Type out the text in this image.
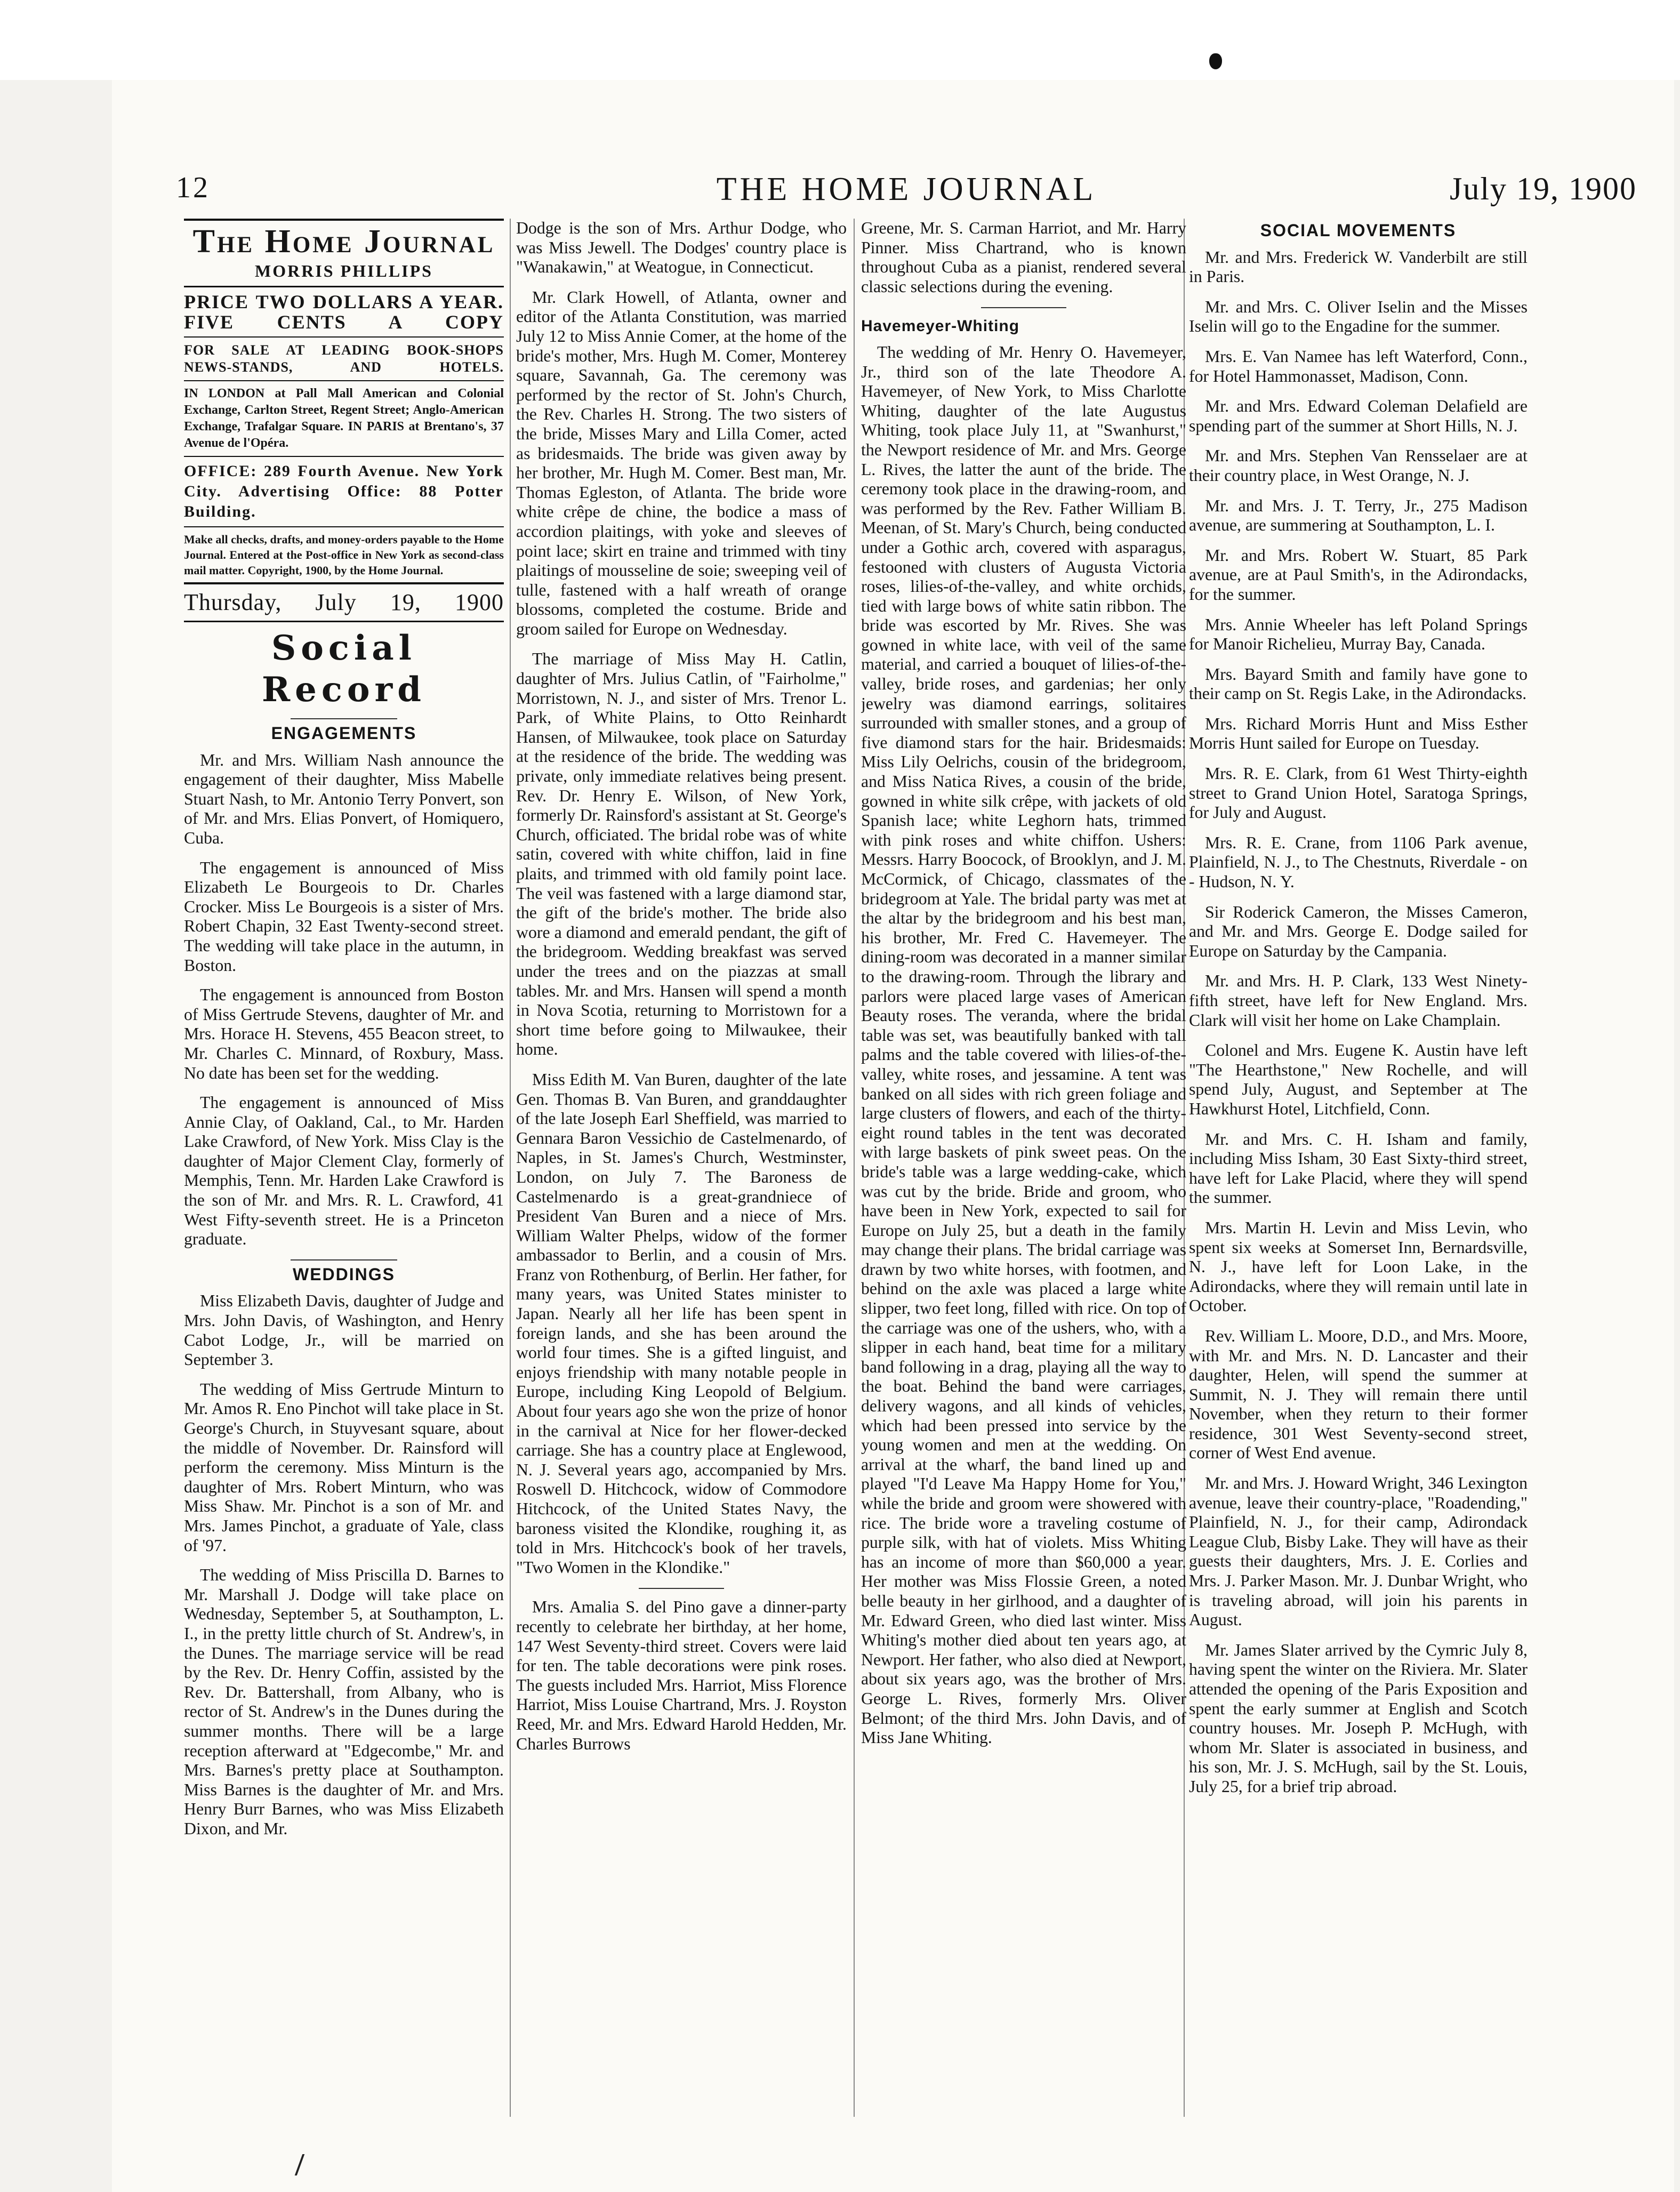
12	THE HOME JOURNAL	July 19, 1900
The Home Journal
MORRIS PHILLIPS
PRICE TWO DOLLARS A YEAR. FIVE CENTS A COPY
FOR SALE AT LEADING BOOK-SHOPS NEWS-STANDS, AND HOTELS.
IN LONDON at Pall Mall American and Colonial Exchange, Carlton Street, Regent Street; Anglo-American Exchange, Trafalgar Square. IN PARIS at Brentano's, 37 Avenue de l'Opéra.
OFFICE: 289 Fourth Avenue. New York City. Advertising Office: 88 Potter Building.
Make all checks, drafts, and money-orders payable to the Home Journal. Entered at the Post-office in New York as second-class mail matter. Copyright, 1900, by the Home Journal.
Thursday, July 19, 1900
Social Record
ENGAGEMENTS

Mr. and Mrs. William Nash announce the engagement of their daughter, Miss Mabelle Stuart Nash, to Mr. Antonio Terry Ponvert, son of Mr. and Mrs. Elias Ponvert, of Homiquero, Cuba.

The engagement is announced of Miss Elizabeth Le Bourgeois to Dr. Charles Crocker. Miss Le Bourgeois is a sister of Mrs. Robert Chapin, 32 East Twenty-second street. The wedding will take place in the autumn, in Boston.

The engagement is announced from Boston of Miss Gertrude Stevens, daughter of Mr. and Mrs. Horace H. Stevens, 455 Beacon street, to Mr. Charles C. Minnard, of Roxbury, Mass. No date has been set for the wedding.

The engagement is announced of Miss Annie Clay, of Oakland, Cal., to Mr. Harden Lake Crawford, of New York. Miss Clay is the daughter of Major Clement Clay, formerly of Memphis, Tenn. Mr. Harden Lake Crawford is the son of Mr. and Mrs. R. L. Crawford, 41 West Fifty-seventh street. He is a Princeton graduate.

WEDDINGS

Miss Elizabeth Davis, daughter of Judge and Mrs. John Davis, of Washington, and Henry Cabot Lodge, Jr., will be married on September 3.

The wedding of Miss Gertrude Minturn to Mr. Amos R. Eno Pinchot will take place in St. George's Church, in Stuyvesant square, about the middle of November. Dr. Rainsford will perform the ceremony. Miss Minturn is the daughter of Mrs. Robert Minturn, who was Miss Shaw. Mr. Pinchot is a son of Mr. and Mrs. James Pinchot, a graduate of Yale, class of '97.

The wedding of Miss Priscilla D. Barnes to Mr. Marshall J. Dodge will take place on Wednesday, September 5, at Southampton, L. I., in the pretty little church of St. Andrew's, in the Dunes. The marriage service will be read by the Rev. Dr. Henry Coffin, assisted by the Rev. Dr. Battershall, from Albany, who is rector of St. Andrew's in the Dunes during the summer months. There will be a large reception afterward at "Edgecombe," Mr. and Mrs. Barnes's pretty place at Southampton. Miss Barnes is the daughter of Mr. and Mrs. Henry Burr Barnes, who was Miss Elizabeth Dixon, and Mr.

Dodge is the son of Mrs. Arthur Dodge, who was Miss Jewell. The Dodges' country place is "Wanakawin," at Weatogue, in Connecticut.

Mr. Clark Howell, of Atlanta, owner and editor of the Atlanta Constitution, was married July 12 to Miss Annie Comer, at the home of the bride's mother, Mrs. Hugh M. Comer, Monterey square, Savannah, Ga. The ceremony was performed by the rector of St. John's Church, the Rev. Charles H. Strong. The two sisters of the bride, Misses Mary and Lilla Comer, acted as bridesmaids. The bride was given away by her brother, Mr. Hugh M. Comer. Best man, Mr. Thomas Egleston, of Atlanta. The bride wore white crêpe de chine, the bodice a mass of accordion plaitings, with yoke and sleeves of point lace; skirt en traine and trimmed with tiny plaitings of mousseline de soie; sweeping veil of tulle, fastened with a half wreath of orange blossoms, completed the costume. Bride and groom sailed for Europe on Wednesday.

The marriage of Miss May H. Catlin, daughter of Mrs. Julius Catlin, of "Fairholme," Morristown, N. J., and sister of Mrs. Trenor L. Park, of White Plains, to Otto Reinhardt Hansen, of Milwaukee, took place on Saturday at the residence of the bride. The wedding was private, only immediate relatives being present. Rev. Dr. Henry E. Wilson, of New York, formerly Dr. Rainsford's assistant at St. George's Church, officiated. The bridal robe was of white satin, covered with white chiffon, laid in fine plaits, and trimmed with old family point lace. The veil was fastened with a large diamond star, the gift of the bride's mother. The bride also wore a diamond and emerald pendant, the gift of the bridegroom. Wedding breakfast was served under the trees and on the piazzas at small tables. Mr. and Mrs. Hansen will spend a month in Nova Scotia, returning to Morristown for a short time before going to Milwaukee, their home.

Miss Edith M. Van Buren, daughter of the late Gen. Thomas B. Van Buren, and granddaughter of the late Joseph Earl Sheffield, was married to Gennara Baron Vessichio de Castelmenardo, of Naples, in St. James's Church, Westminster, London, on July 7. The Baroness de Castelmenardo is a great-grandniece of President Van Buren and a niece of Mrs. William Walter Phelps, widow of the former ambassador to Berlin, and a cousin of Mrs. Franz von Rothenburg, of Berlin. Her father, for many years, was United States minister to Japan. Nearly all her life has been spent in foreign lands, and she has been around the world four times. She is a gifted linguist, and enjoys friendship with many notable people in Europe, including King Leopold of Belgium. About four years ago she won the prize of honor in the carnival at Nice for her flower-decked carriage. She has a country place at Englewood, N. J. Several years ago, accompanied by Mrs. Roswell D. Hitchcock, widow of Commodore Hitchcock, of the United States Navy, the baroness visited the Klondike, roughing it, as told in Mrs. Hitchcock's book of her travels, "Two Women in the Klondike."

Mrs. Amalia S. del Pino gave a dinner-party recently to celebrate her birthday, at her home, 147 West Seventy-third street. Covers were laid for ten. The table decorations were pink roses. The guests included Mrs. Harriot, Miss Florence Harriot, Miss Louise Chartrand, Mrs. J. Royston Reed, Mr. and Mrs. Edward Harold Hedden, Mr. Charles Burrows

Greene, Mr. S. Carman Harriot, and Mr. Harry Pinner. Miss Chartrand, who is known throughout Cuba as a pianist, rendered several classic selections during the evening.

Havemeyer-Whiting

The wedding of Mr. Henry O. Havemeyer, Jr., third son of the late Theodore A. Havemeyer, of New York, to Miss Charlotte Whiting, daughter of the late Augustus Whiting, took place July 11, at "Swanhurst," the Newport residence of Mr. and Mrs. George L. Rives, the latter the aunt of the bride. The ceremony took place in the drawing-room, and was performed by the Rev. Father William B. Meenan, of St. Mary's Church, being conducted under a Gothic arch, covered with asparagus, festooned with clusters of Augusta Victoria roses, lilies-of-the-valley, and white orchids, tied with large bows of white satin ribbon. The bride was escorted by Mr. Rives. She was gowned in white lace, with veil of the same material, and carried a bouquet of lilies-of-the-valley, bride roses, and gardenias; her only jewelry was diamond earrings, solitaires surrounded with smaller stones, and a group of five diamond stars for the hair. Bridesmaids: Miss Lily Oelrichs, cousin of the bridegroom, and Miss Natica Rives, a cousin of the bride, gowned in white silk crêpe, with jackets of old Spanish lace; white Leghorn hats, trimmed with pink roses and white chiffon. Ushers: Messrs. Harry Boocock, of Brooklyn, and J. M. McCormick, of Chicago, classmates of the bridegroom at Yale. The bridal party was met at the altar by the bridegroom and his best man, his brother, Mr. Fred C. Havemeyer. The dining-room was decorated in a manner similar to the drawing-room. Through the library and parlors were placed large vases of American Beauty roses. The veranda, where the bridal table was set, was beautifully banked with tall palms and the table covered with lilies-of-the-valley, white roses, and jessamine. A tent was banked on all sides with rich green foliage and large clusters of flowers, and each of the thirty-eight round tables in the tent was decorated with large baskets of pink sweet peas. On the bride's table was a large wedding-cake, which was cut by the bride. Bride and groom, who have been in New York, expected to sail for Europe on July 25, but a death in the family may change their plans. The bridal carriage was drawn by two white horses, with footmen, and behind on the axle was placed a large white slipper, two feet long, filled with rice. On top of the carriage was one of the ushers, who, with a slipper in each hand, beat time for a military band following in a drag, playing all the way to the boat. Behind the band were carriages, delivery wagons, and all kinds of vehicles, which had been pressed into service by the young women and men at the wedding. On arrival at the wharf, the band lined up and played "I'd Leave Ma Happy Home for You," while the bride and groom were showered with rice. The bride wore a traveling costume of purple silk, with hat of violets. Miss Whiting has an income of more than $60,000 a year. Her mother was Miss Flossie Green, a noted belle beauty in her girlhood, and a daughter of Mr. Edward Green, who died last winter. Miss Whiting's mother died about ten years ago, at Newport. Her father, who also died at Newport, about six years ago, was the brother of Mrs. George L. Rives, formerly Mrs. Oliver Belmont; of the third Mrs. John Davis, and of Miss Jane Whiting.

SOCIAL MOVEMENTS

Mr. and Mrs. Frederick W. Vanderbilt are still in Paris.

Mr. and Mrs. C. Oliver Iselin and the Misses Iselin will go to the Engadine for the summer.

Mrs. E. Van Namee has left Waterford, Conn., for Hotel Hammonasset, Madison, Conn.

Mr. and Mrs. Edward Coleman Delafield are spending part of the summer at Short Hills, N. J.

Mr. and Mrs. Stephen Van Rensselaer are at their country place, in West Orange, N. J.

Mr. and Mrs. J. T. Terry, Jr., 275 Madison avenue, are summering at Southampton, L. I.

Mr. and Mrs. Robert W. Stuart, 85 Park avenue, are at Paul Smith's, in the Adirondacks, for the summer.

Mrs. Annie Wheeler has left Poland Springs for Manoir Richelieu, Murray Bay, Canada.

Mrs. Bayard Smith and family have gone to their camp on St. Regis Lake, in the Adirondacks.

Mrs. Richard Morris Hunt and Miss Esther Morris Hunt sailed for Europe on Tuesday.

Mrs. R. E. Clark, from 61 West Thirty-eighth street to Grand Union Hotel, Saratoga Springs, for July and August.

Mrs. R. E. Crane, from 1106 Park avenue, Plainfield, N. J., to The Chestnuts, Riverdale - on - Hudson, N. Y.

Sir Roderick Cameron, the Misses Cameron, and Mr. and Mrs. George E. Dodge sailed for Europe on Saturday by the Campania.

Mr. and Mrs. H. P. Clark, 133 West Ninety-fifth street, have left for New England. Mrs. Clark will visit her home on Lake Champlain.

Colonel and Mrs. Eugene K. Austin have left "The Hearthstone," New Rochelle, and will spend July, August, and September at The Hawkhurst Hotel, Litchfield, Conn.

Mr. and Mrs. C. H. Isham and family, including Miss Isham, 30 East Sixty-third street, have left for Lake Placid, where they will spend the summer.

Mrs. Martin H. Levin and Miss Levin, who spent six weeks at Somerset Inn, Bernardsville, N. J., have left for Loon Lake, in the Adirondacks, where they will remain until late in October.

Rev. William L. Moore, D.D., and Mrs. Moore, with Mr. and Mrs. N. D. Lancaster and their daughter, Helen, will spend the summer at Summit, N. J. They will remain there until November, when they return to their former residence, 301 West Seventy-second street, corner of West End avenue.

Mr. and Mrs. J. Howard Wright, 346 Lexington avenue, leave their country-place, "Roadending," Plainfield, N. J., for their camp, Adirondack League Club, Bisby Lake. They will have as their guests their daughters, Mrs. J. E. Corlies and Mrs. J. Parker Mason. Mr. J. Dunbar Wright, who is traveling abroad, will join his parents in August.

Mr. James Slater arrived by the Cymric July 8, having spent the winter on the Riviera. Mr. Slater attended the opening of the Paris Exposition and spent the early summer at English and Scotch country houses. Mr. Joseph P. McHugh, with whom Mr. Slater is associated in business, and his son, Mr. J. S. McHugh, sail by the St. Louis, July 25, for a brief trip abroad.
